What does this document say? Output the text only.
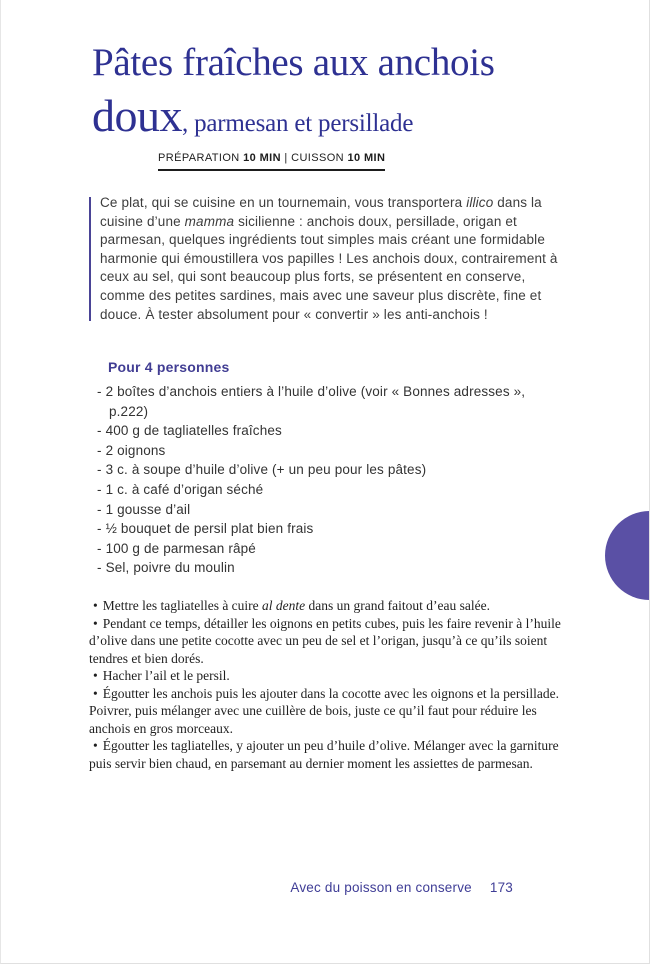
Pâtes fraîches aux anchois
doux, parmesan et persillade
PRÉPARATION 10 MIN | CUISSON 10 MIN
Ce plat, qui se cuisine en un tournemain, vous transportera illico dans la cuisine d’une mamma sicilienne : anchois doux, persillade, origan et parmesan, quelques ingrédients tout simples mais créant une formidable harmonie qui émoustillera vos papilles ! Les anchois doux, contrairement à ceux au sel, qui sont beaucoup plus forts, se présentent en conserve, comme des petites sardines, mais avec une saveur plus discrète, fine et douce. À tester absolument pour « convertir » les anti-anchois !
Pour 4 personnes
- 2 boîtes d’anchois entiers à l’huile d’olive (voir « Bonnes adresses », p.222)
- 400 g de tagliatelles fraîches
- 2 oignons
- 3 c. à soupe d’huile d’olive (+ un peu pour les pâtes)
- 1 c. à café d’origan séché
- 1 gousse d’ail
- ½ bouquet de persil plat bien frais
- 100 g de parmesan râpé
- Sel, poivre du moulin

• Mettre les tagliatelles à cuire al dente dans un grand faitout d’eau salée.

• Pendant ce temps, détailler les oignons en petits cubes, puis les faire revenir à l’huile d’olive dans une petite cocotte avec un peu de sel et l’origan, jusqu’à ce qu’ils soient tendres et bien dorés.

• Hacher l’ail et le persil.

• Égoutter les anchois puis les ajouter dans la cocotte avec les oignons et la persillade. Poivrer, puis mélanger avec une cuillère de bois, juste ce qu’il faut pour réduire les anchois en gros morceaux.

• Égoutter les tagliatelles, y ajouter un peu d’huile d’olive. Mélanger avec la garniture puis servir bien chaud, en parsemant au dernier moment les assiettes de parmesan.

Avec du poisson en conserve 173
